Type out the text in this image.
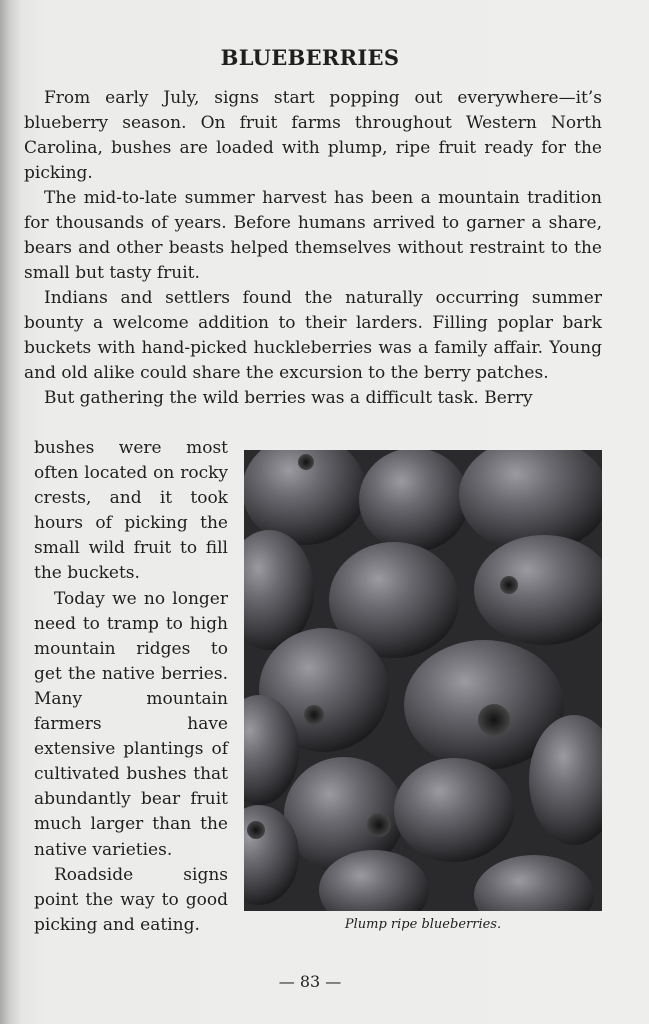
BLUEBERRIES

From early July, signs start popping out everywhere—it’s blueberry season. On fruit farms throughout Western North Carolina, bushes are loaded with plump, ripe fruit ready for the picking.

The mid-to-late summer harvest has been a mountain tradition for thousands of years. Before humans arrived to garner a share, bears and other beasts helped themselves without restraint to the small but tasty fruit.

Indians and settlers found the naturally occurring summer bounty a welcome addition to their larders. Filling poplar bark buckets with hand-picked huckleberries was a family affair. Young and old alike could share the excursion to the berry patches.

But gathering the wild berries was a difficult task. Berry

bushes were most often located on rocky crests, and it took hours of picking the small wild fruit to fill the buckets.

Today we no longer need to tramp to high mountain ridges to get the native berries. Many mountain farmers have extensive plantings of cultivated bushes that abundantly bear fruit much larger than the native varieties.

Roadside signs point the way to good picking and eating.	Plump ripe blueberries.
— 83 —
